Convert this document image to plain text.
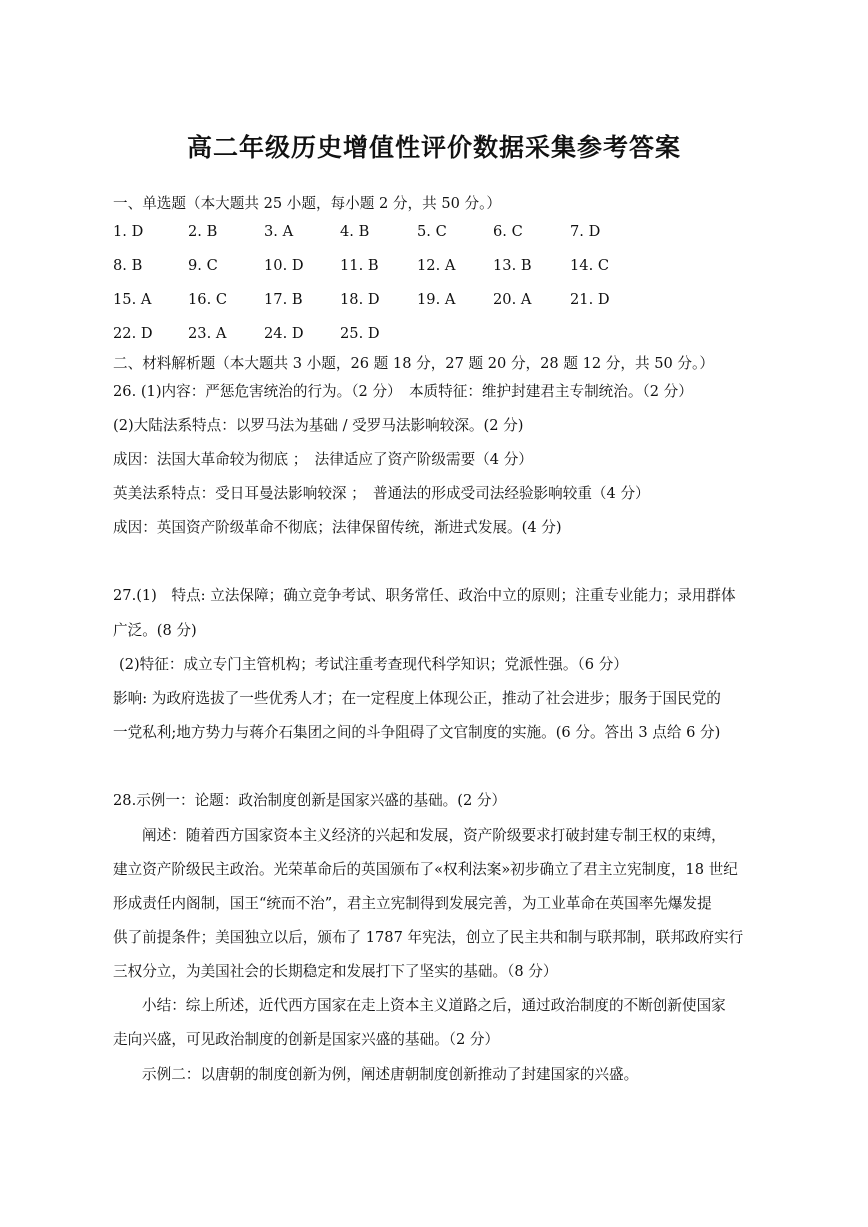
高二年级历史增值性评价数据采集参考答案
一、单选题（本大题共 25 小题，每小题 2 分，共 50 分。）
1. D	2. B	3. A	4. B	5. C	6. C	7. D
8. B	9. C	10. D 11. B	12. A	13. B	14. C
15. A	16. C	17. B	18. D	19. A	20. A	21. D
22. D 23. A	24. D 25. D
二、材料解析题（本大题共 3 小题，26 题 18 分，27 题 20 分，28 题 12 分，共 50 分。）
26. (1)内容：严惩危害统治的行为。（2 分）　本质特征：维护封建君主专制统治。（2 分）
(2)大陆法系特点：以罗马法为基础 / 受罗马法影响较深。(2 分)
成因：法国大革命较为彻底 ；　法律适应了资产阶级需要（4 分）
英美法系特点：受日耳曼法影响较深 ；　普通法的形成受司法经验影响较重（4 分）
成因：英国资产阶级革命不彻底；法律保留传统，渐进式发展。(4 分)
27.(1)　特点: 立法保障；确立竞争考试、职务常任、政治中立的原则；注重专业能力；录用群体
广泛。(8 分)
(2)特征：成立专门主管机构；考试注重考查现代科学知识；党派性强。（6 分）
影响: 为政府选拔了一些优秀人才；在一定程度上体现公正，推动了社会进步；服务于国民党的
一党私利;地方势力与蒋介石集团之间的斗争阻碍了文官制度的实施。(6 分。答出 3 点给 6 分)
28.示例一：论题：政治制度创新是国家兴盛的基础。(2 分）
阐述：随着西方国家资本主义经济的兴起和发展，资产阶级要求打破封建专制王权的束缚，
建立资产阶级民主政治。光荣革命后的英国颁布了«权利法案»初步确立了君主立宪制度，18 世纪
形成责任内阁制，国王“统而不治”，君主立宪制得到发展完善，为工业革命在英国率先爆发提
供了前提条件；美国独立以后，颁布了 1787 年宪法，创立了民主共和制与联邦制，联邦政府实行
三权分立，为美国社会的长期稳定和发展打下了坚实的基础。（8 分）
小结：综上所述，近代西方国家在走上资本主义道路之后，通过政治制度的不断创新使国家
走向兴盛，可见政治制度的创新是国家兴盛的基础。（2 分）
示例二：以唐朝的制度创新为例，阐述唐朝制度创新推动了封建国家的兴盛。
